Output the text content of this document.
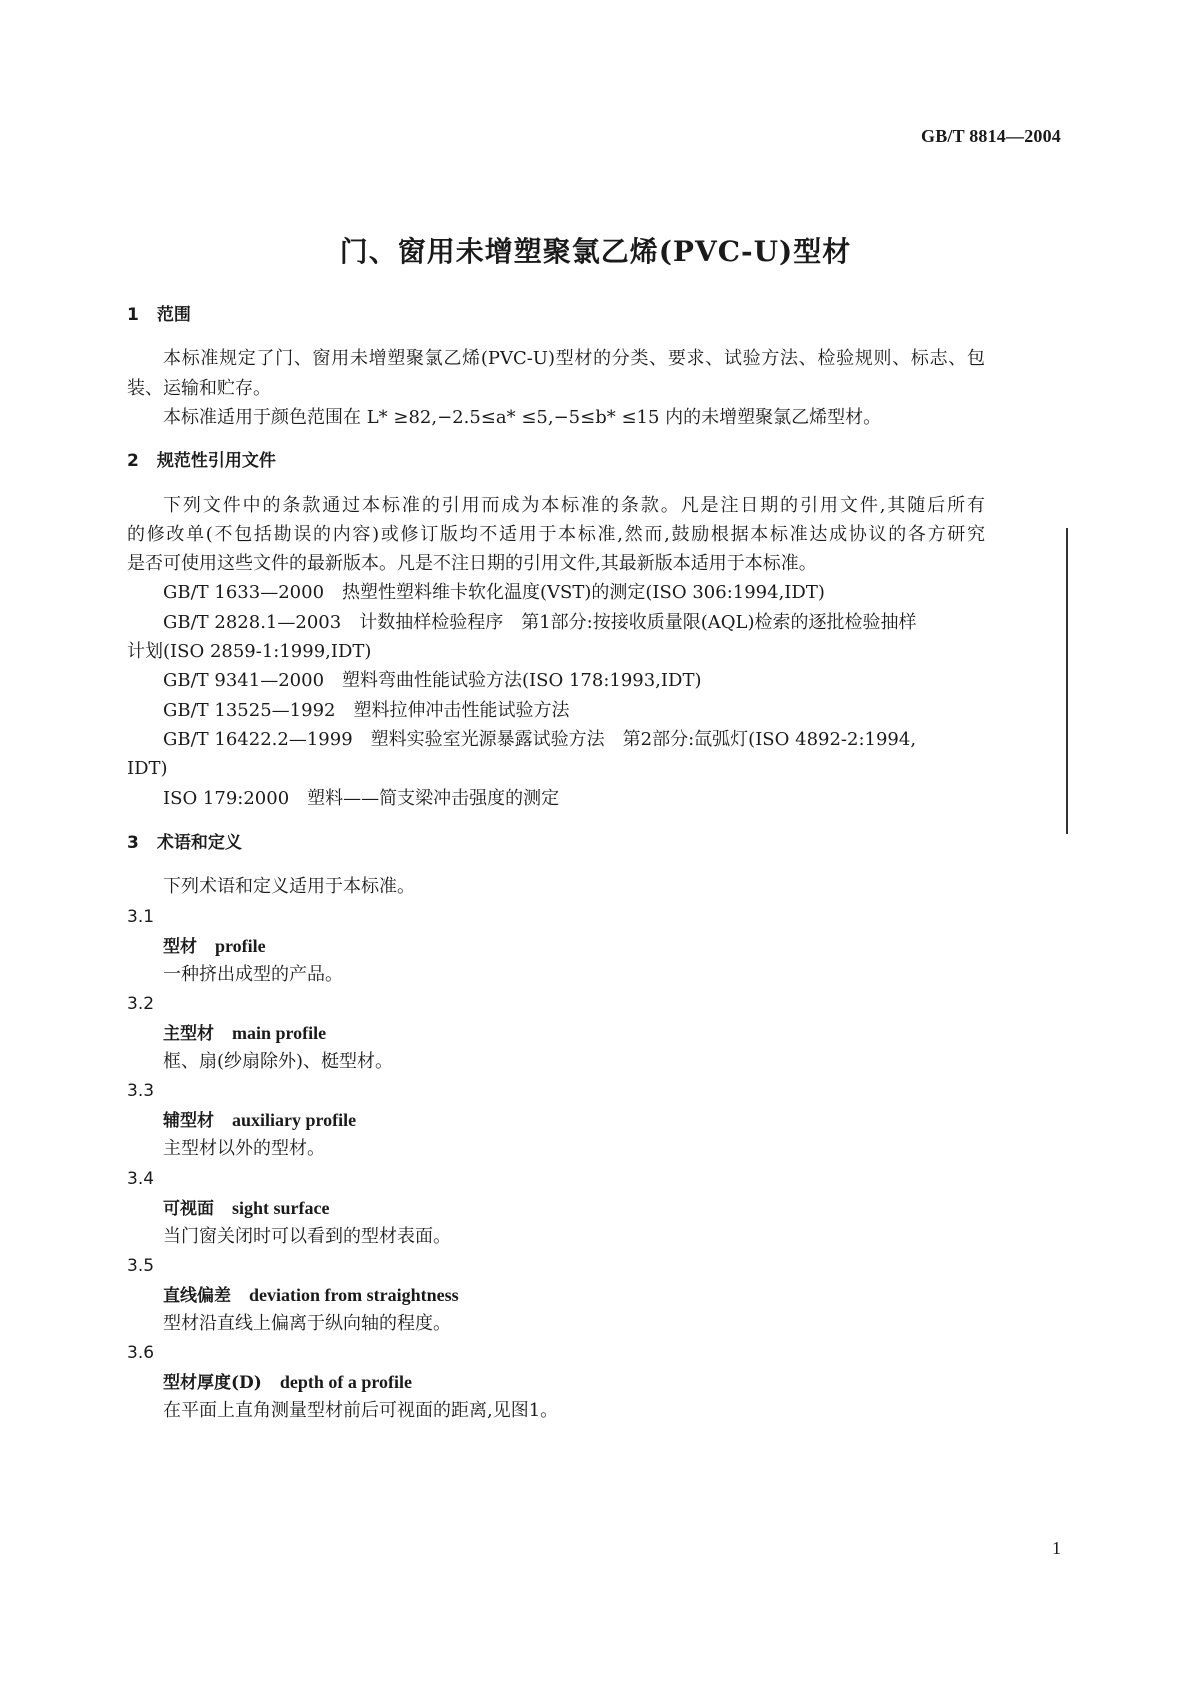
GB/T 8814—2004
门、窗用未增塑聚氯乙烯(PVC-U)型材
1 范围
本标准规定了门、窗用未增塑聚氯乙烯(PVC-U)型材的分类、要求、试验方法、检验规则、标志、包
装、运输和贮存。
本标准适用于颜色范围在 L* ≥82,−2.5≤a* ≤5,−5≤b* ≤15 内的未增塑聚氯乙烯型材。
2 规范性引用文件
下列文件中的条款通过本标准的引用而成为本标准的条款。凡是注日期的引用文件,其随后所有
的修改单(不包括勘误的内容)或修订版均不适用于本标准,然而,鼓励根据本标准达成协议的各方研究
是否可使用这些文件的最新版本。凡是不注日期的引用文件,其最新版本适用于本标准。
GB/T 1633—2000 热塑性塑料维卡软化温度(VST)的测定(ISO 306:1994,IDT)
GB/T 2828.1—2003 计数抽样检验程序　第1部分:按接收质量限(AQL)检索的逐批检验抽样
计划(ISO 2859-1:1999,IDT)
GB/T 9341—2000 塑料弯曲性能试验方法(ISO 178:1993,IDT)
GB/T 13525—1992 塑料拉伸冲击性能试验方法
GB/T 16422.2—1999 塑料实验室光源暴露试验方法　第2部分:氙弧灯(ISO 4892-2:1994,
IDT)
ISO 179:2000 塑料——简支梁冲击强度的测定
3 术语和定义
下列术语和定义适用于本标准。
3.1
型材 profile
一种挤出成型的产品。
3.2
主型材 main profile
框、扇(纱扇除外)、梃型材。
3.3
辅型材 auxiliary profile
主型材以外的型材。
3.4
可视面 sight surface
当门窗关闭时可以看到的型材表面。
3.5
直线偏差 deviation from straightness
型材沿直线上偏离于纵向轴的程度。
3.6
型材厚度(D) depth of a profile
在平面上直角测量型材前后可视面的距离,见图1。
1
